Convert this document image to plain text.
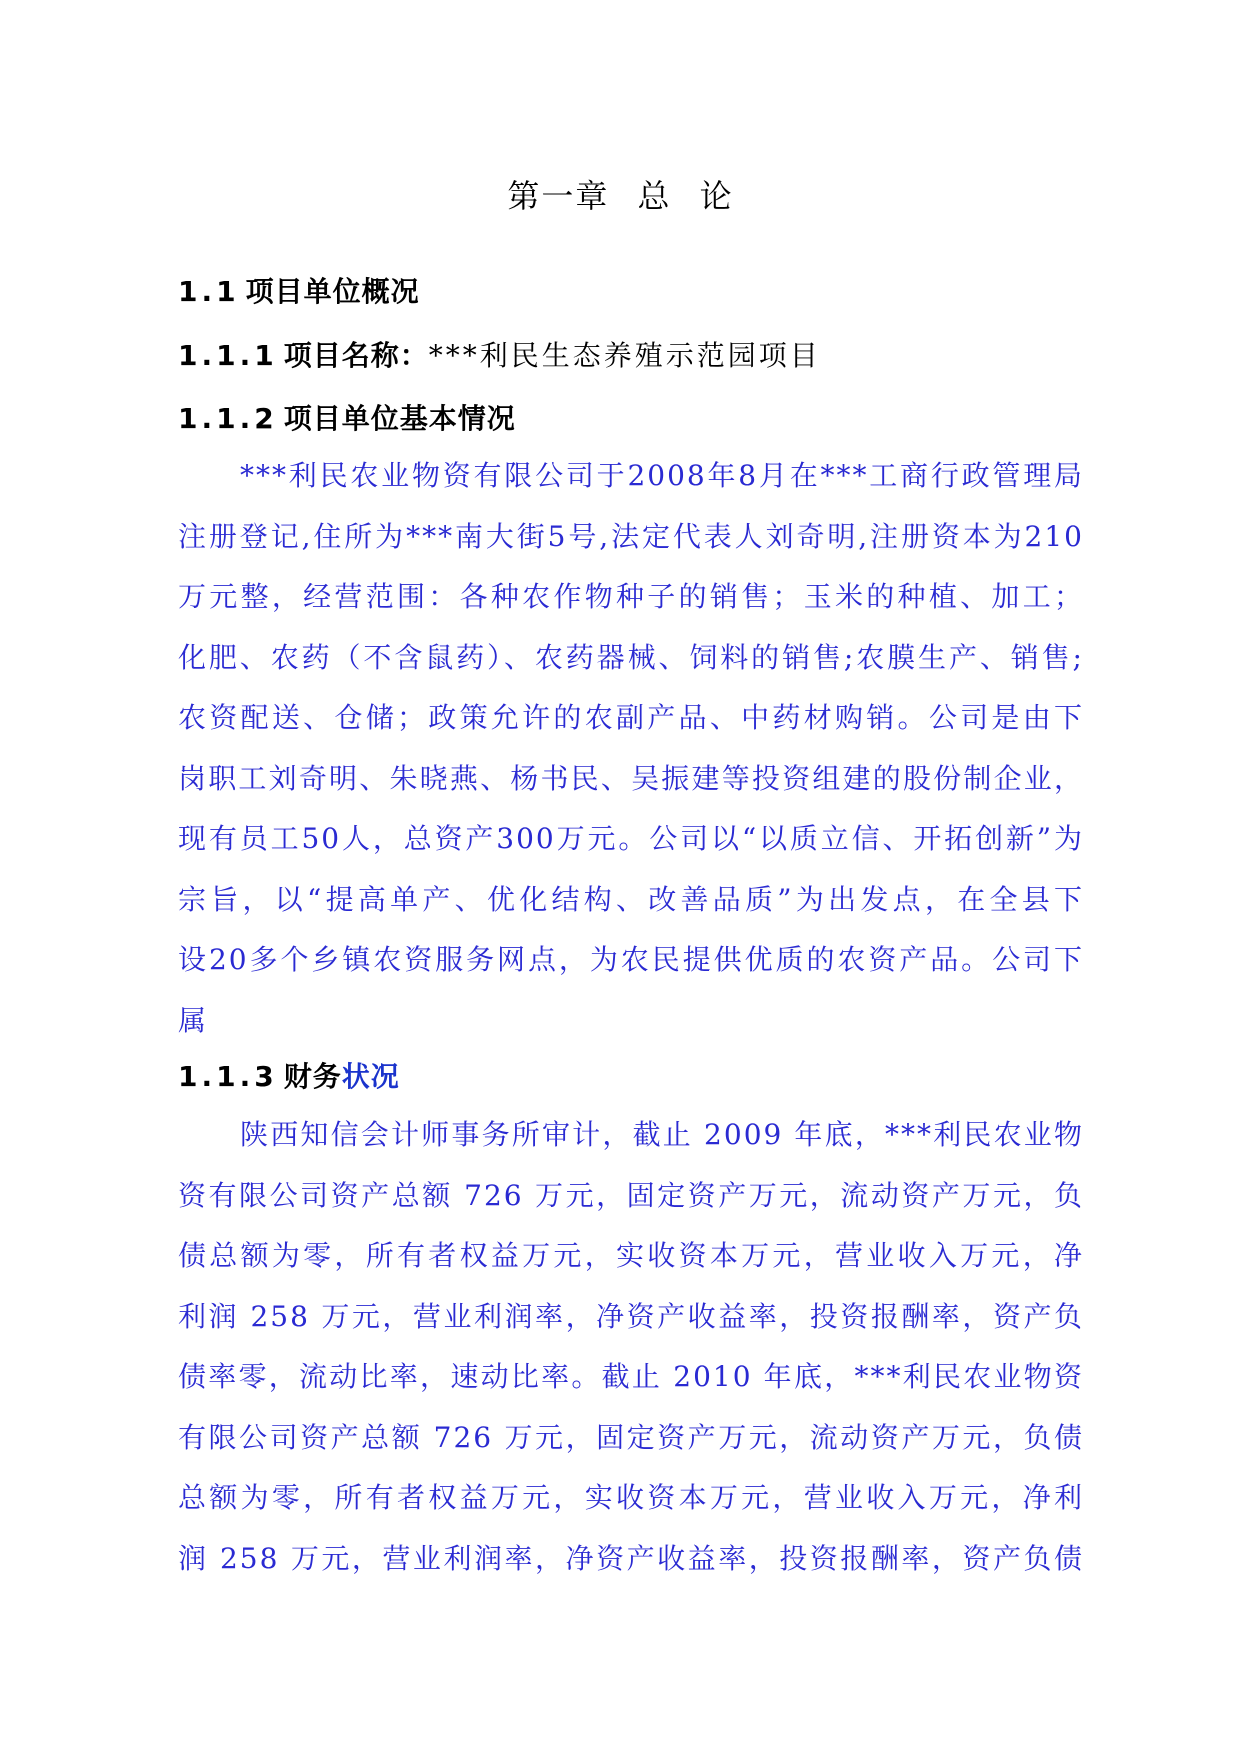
第一章 总 论
1.1 项目单位概况
1.1.1 项目名称：***利民生态养殖示范园项目
1.1.2 项目单位基本情况
***利民农业物资有限公司于2008年8月在***工商行政管理局
注册登记,住所为***南大街5号,法定代表人刘奇明,注册资本为210
万元整，经营范围：各种农作物种子的销售；玉米的种植、加工；
化肥、农药（不含鼠药）、农药器械、饲料的销售;农膜生产、销售;
农资配送、仓储；政策允许的农副产品、中药材购销。公司是由下
岗职工刘奇明、朱晓燕、杨书民、吴振建等投资组建的股份制企业，
现有员工50人，总资产300万元。公司以“以质立信、开拓创新”为
宗旨，以“提高单产、优化结构、改善品质”为出发点，在全县下
设20多个乡镇农资服务网点，为农民提供优质的农资产品。公司下
属
1.1.3 财务状况
陕西知信会计师事务所审计，截止 2009 年底，***利民农业物
资有限公司资产总额 726 万元，固定资产万元，流动资产万元，负
债总额为零，所有者权益万元，实收资本万元，营业收入万元，净
利润 258 万元，营业利润率，净资产收益率，投资报酬率，资产负
债率零，流动比率，速动比率。截止 2010 年底，***利民农业物资
有限公司资产总额 726 万元，固定资产万元，流动资产万元，负债
总额为零，所有者权益万元，实收资本万元，营业收入万元，净利
润 258 万元，营业利润率，净资产收益率，投资报酬率，资产负债
